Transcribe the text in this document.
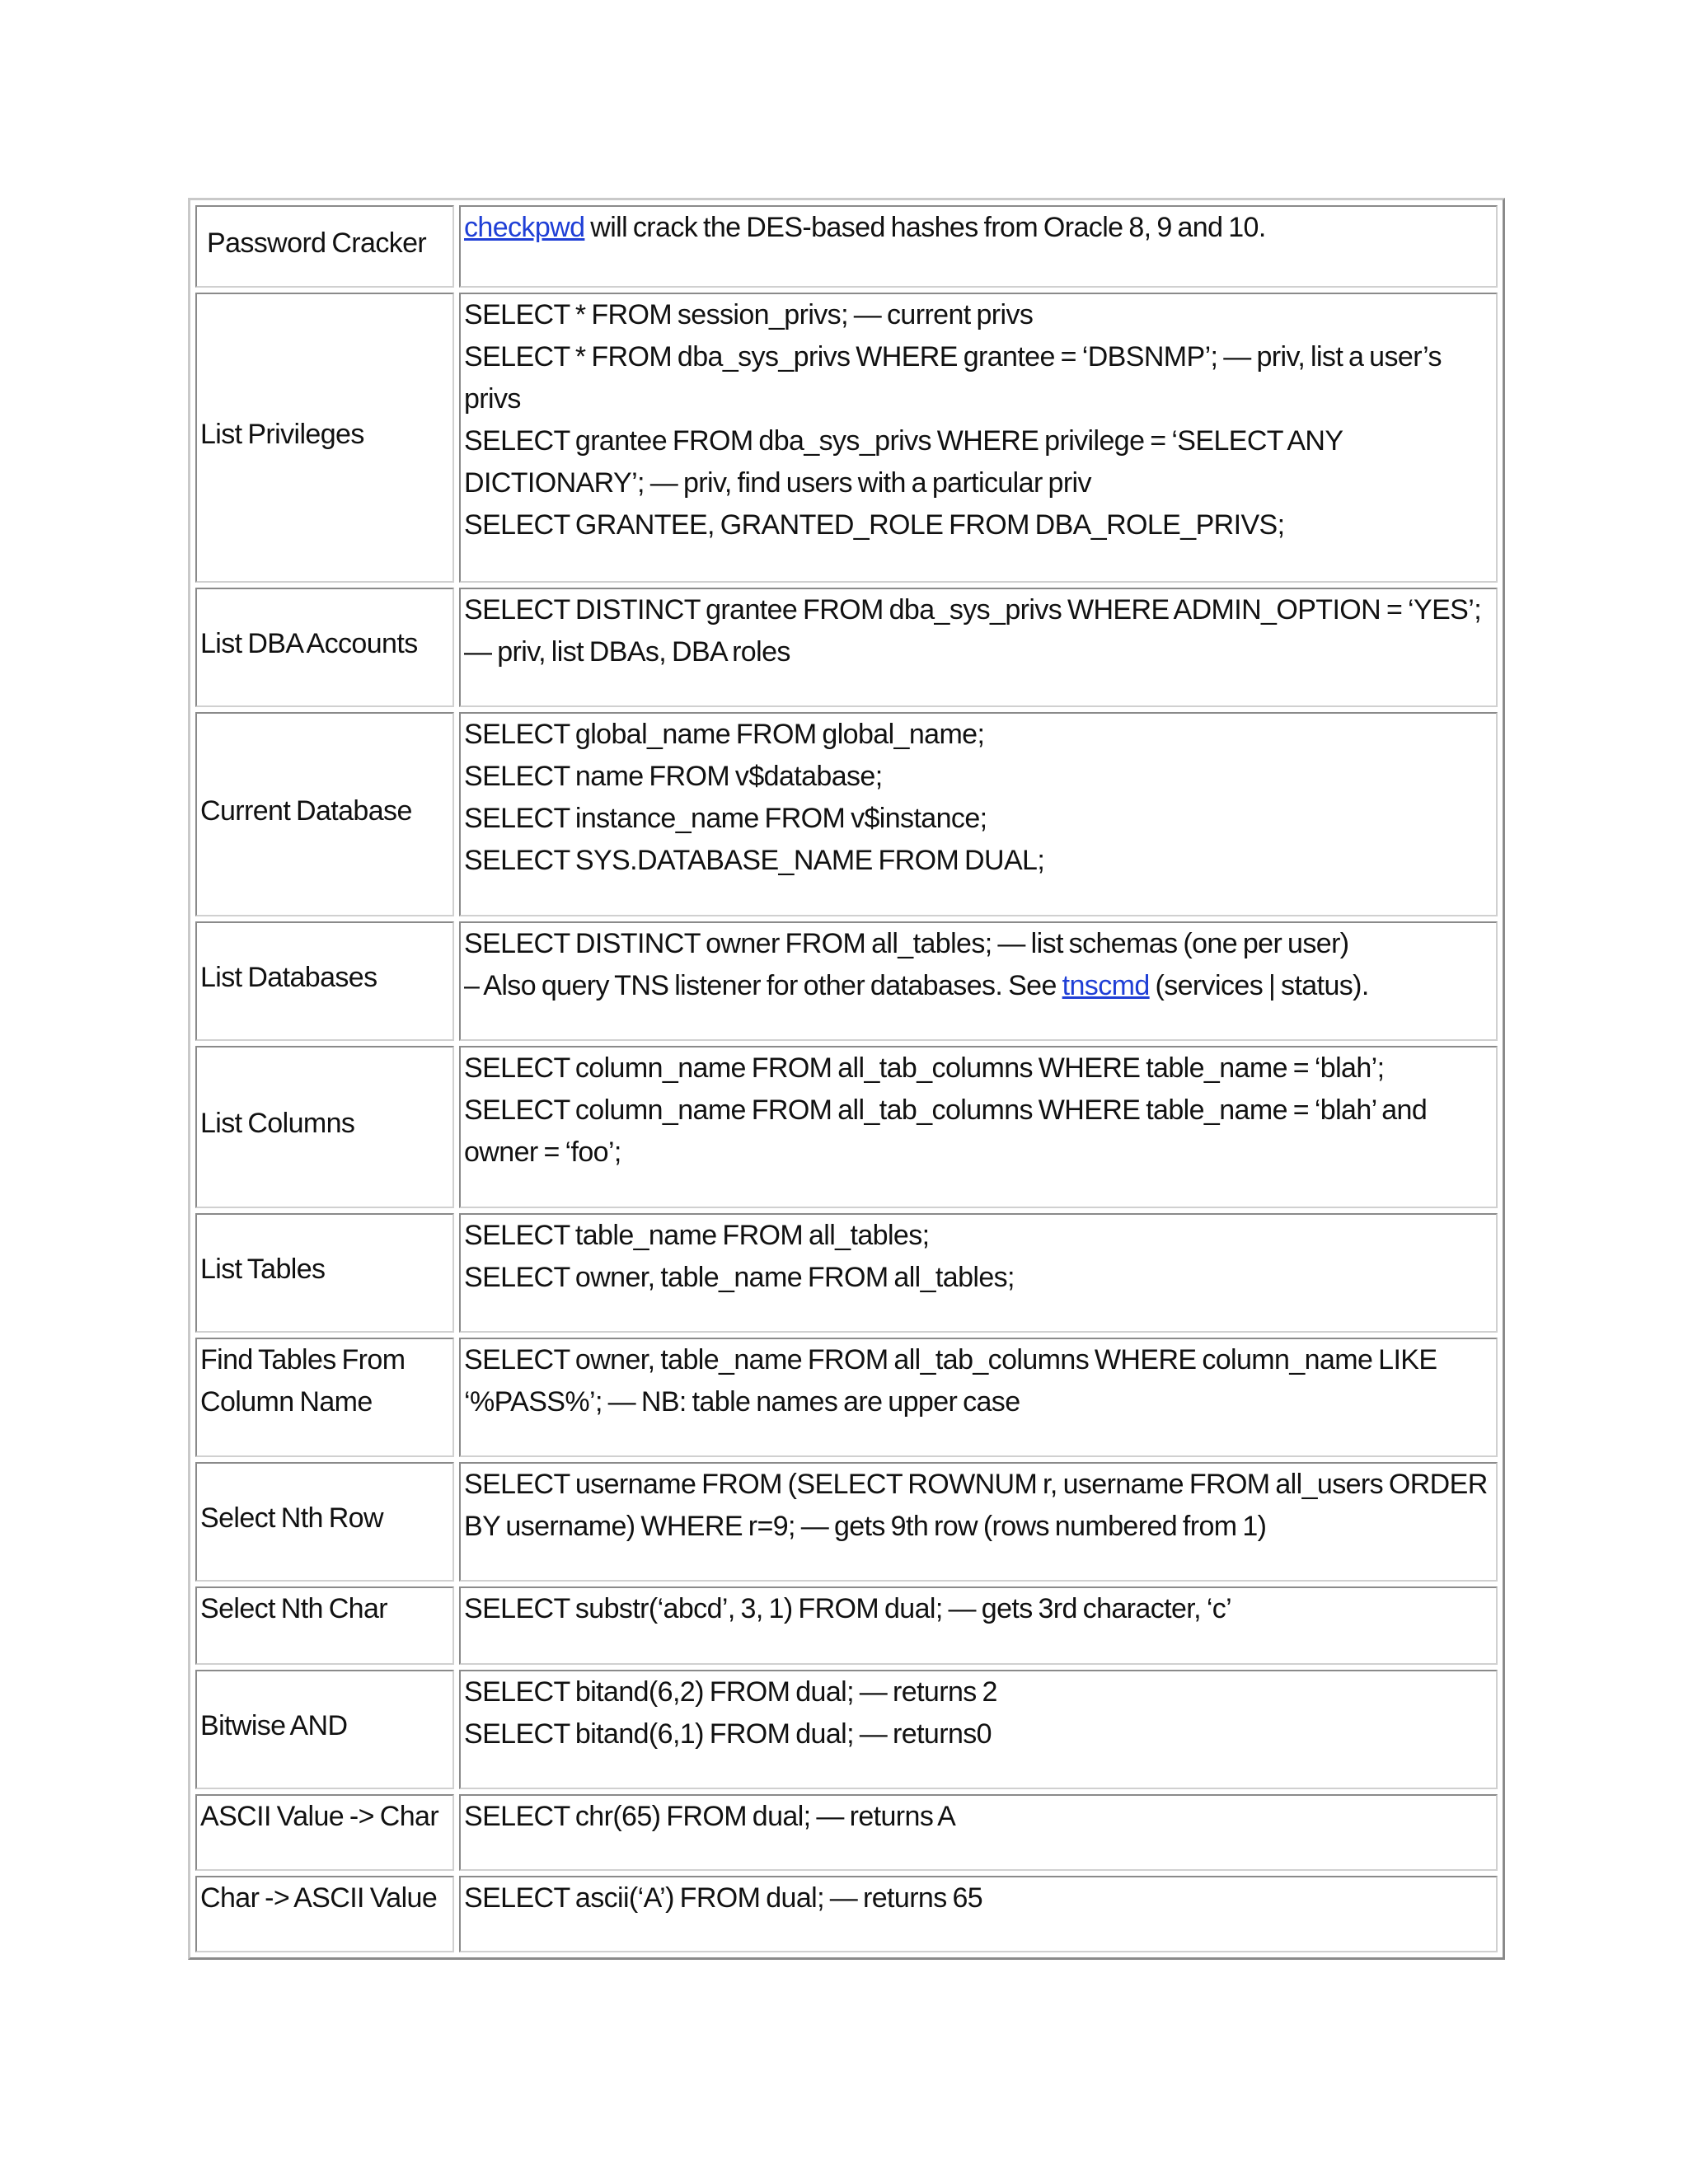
Password Cracker	checkpwd will crack the DES-based hashes from Oracle 8, 9 and 10.

List Privileges	SELECT * FROM session_privs; — current privs
SELECT * FROM dba_sys_privs WHERE grantee = ‘DBSNMP’; — priv, list a user’s privs
SELECT grantee FROM dba_sys_privs WHERE privilege = ‘SELECT ANY DICTIONARY’; — priv, find users with a particular priv
SELECT GRANTEE, GRANTED_ROLE FROM DBA_ROLE_PRIVS;

List DBA Accounts	SELECT DISTINCT grantee FROM dba_sys_privs WHERE ADMIN_OPTION = ‘YES’; — priv, list DBAs, DBA roles

Current Database	SELECT global_name FROM global_name;
SELECT name FROM v$database;
SELECT instance_name FROM v$instance;
SELECT SYS.DATABASE_NAME FROM DUAL;

List Databases	SELECT DISTINCT owner FROM all_tables; — list schemas (one per user)
– Also query TNS listener for other databases. See tnscmd (services | status).

List Columns	SELECT column_name FROM all_tab_columns WHERE table_name = ‘blah’;
SELECT column_name FROM all_tab_columns WHERE table_name = ‘blah’ and owner = ‘foo’;

List Tables	SELECT table_name FROM all_tables;
SELECT owner, table_name FROM all_tables;

Find Tables From Column Name	SELECT owner, table_name FROM all_tab_columns WHERE column_name LIKE ‘%PASS%’; — NB: table names are upper case

Select Nth Row	SELECT username FROM (SELECT ROWNUM r, username FROM all_users ORDER BY username) WHERE r=9; — gets 9th row (rows numbered from 1)

Select Nth Char	SELECT substr(‘abcd’, 3, 1) FROM dual; — gets 3rd character, ‘c’

Bitwise AND	SELECT bitand(6,2) FROM dual; — returns 2
SELECT bitand(6,1) FROM dual; — returns0

ASCII Value -> Char	SELECT chr(65) FROM dual; — returns A

Char -> ASCII Value	SELECT ascii(‘A’) FROM dual; — returns 65
